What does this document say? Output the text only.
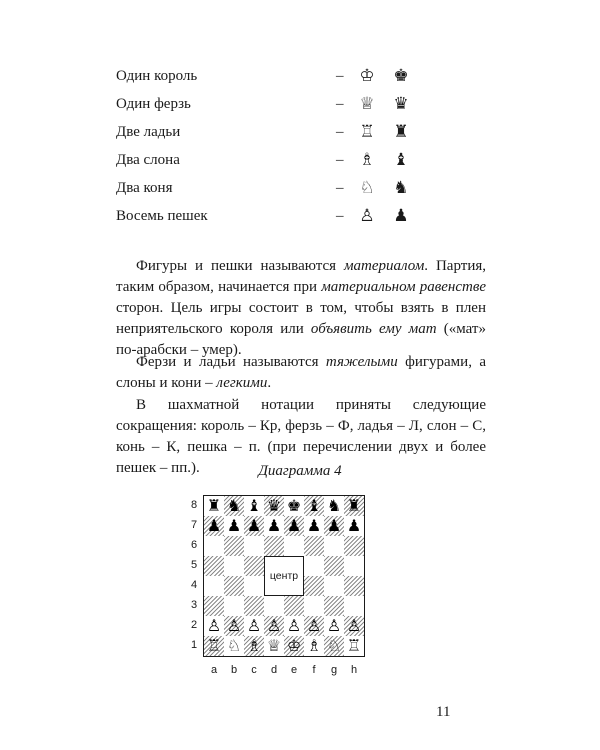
Один король	– ♔	♚
Один ферзь	– ♕	♛
Две ладьи	– ♖	♜
Два слона	– ♗	♝
Два коня	– ♘	♞
Восемь пешек	– ♙	♟

Фигуры и пешки называются материалом. Партия, таким образом, начинается при материальном равенстве сторон. Цель игры состоит в том, чтобы взять в плен неприятельского короля или объявить ему мат («мат» по-арабски – умер).

Ферзи и ладьи называются тяжелыми фигурами, а слоны и кони – легкими.

В шахматной нотации приняты следующие сокращения: король – Кр, ферзь – Ф, ладья – Л, слон – С, конь – К, пешка – п. (при перечислении двух и более пешек – пп.).	Диаграмма 4
♜ ♞ ♝ ♛ ♚ ♝ ♞ ♜
♟ ♟ ♟ ♟ ♟ ♟ ♟ ♟
♙ ♙ ♙ ♙ ♙ ♙ ♙ ♙
♖ ♘ ♗ ♕ ♔ ♗ ♘ ♖
центр
8
7
6
5
4
3
2
1
a	b	c	d	e	f	g	h
11
